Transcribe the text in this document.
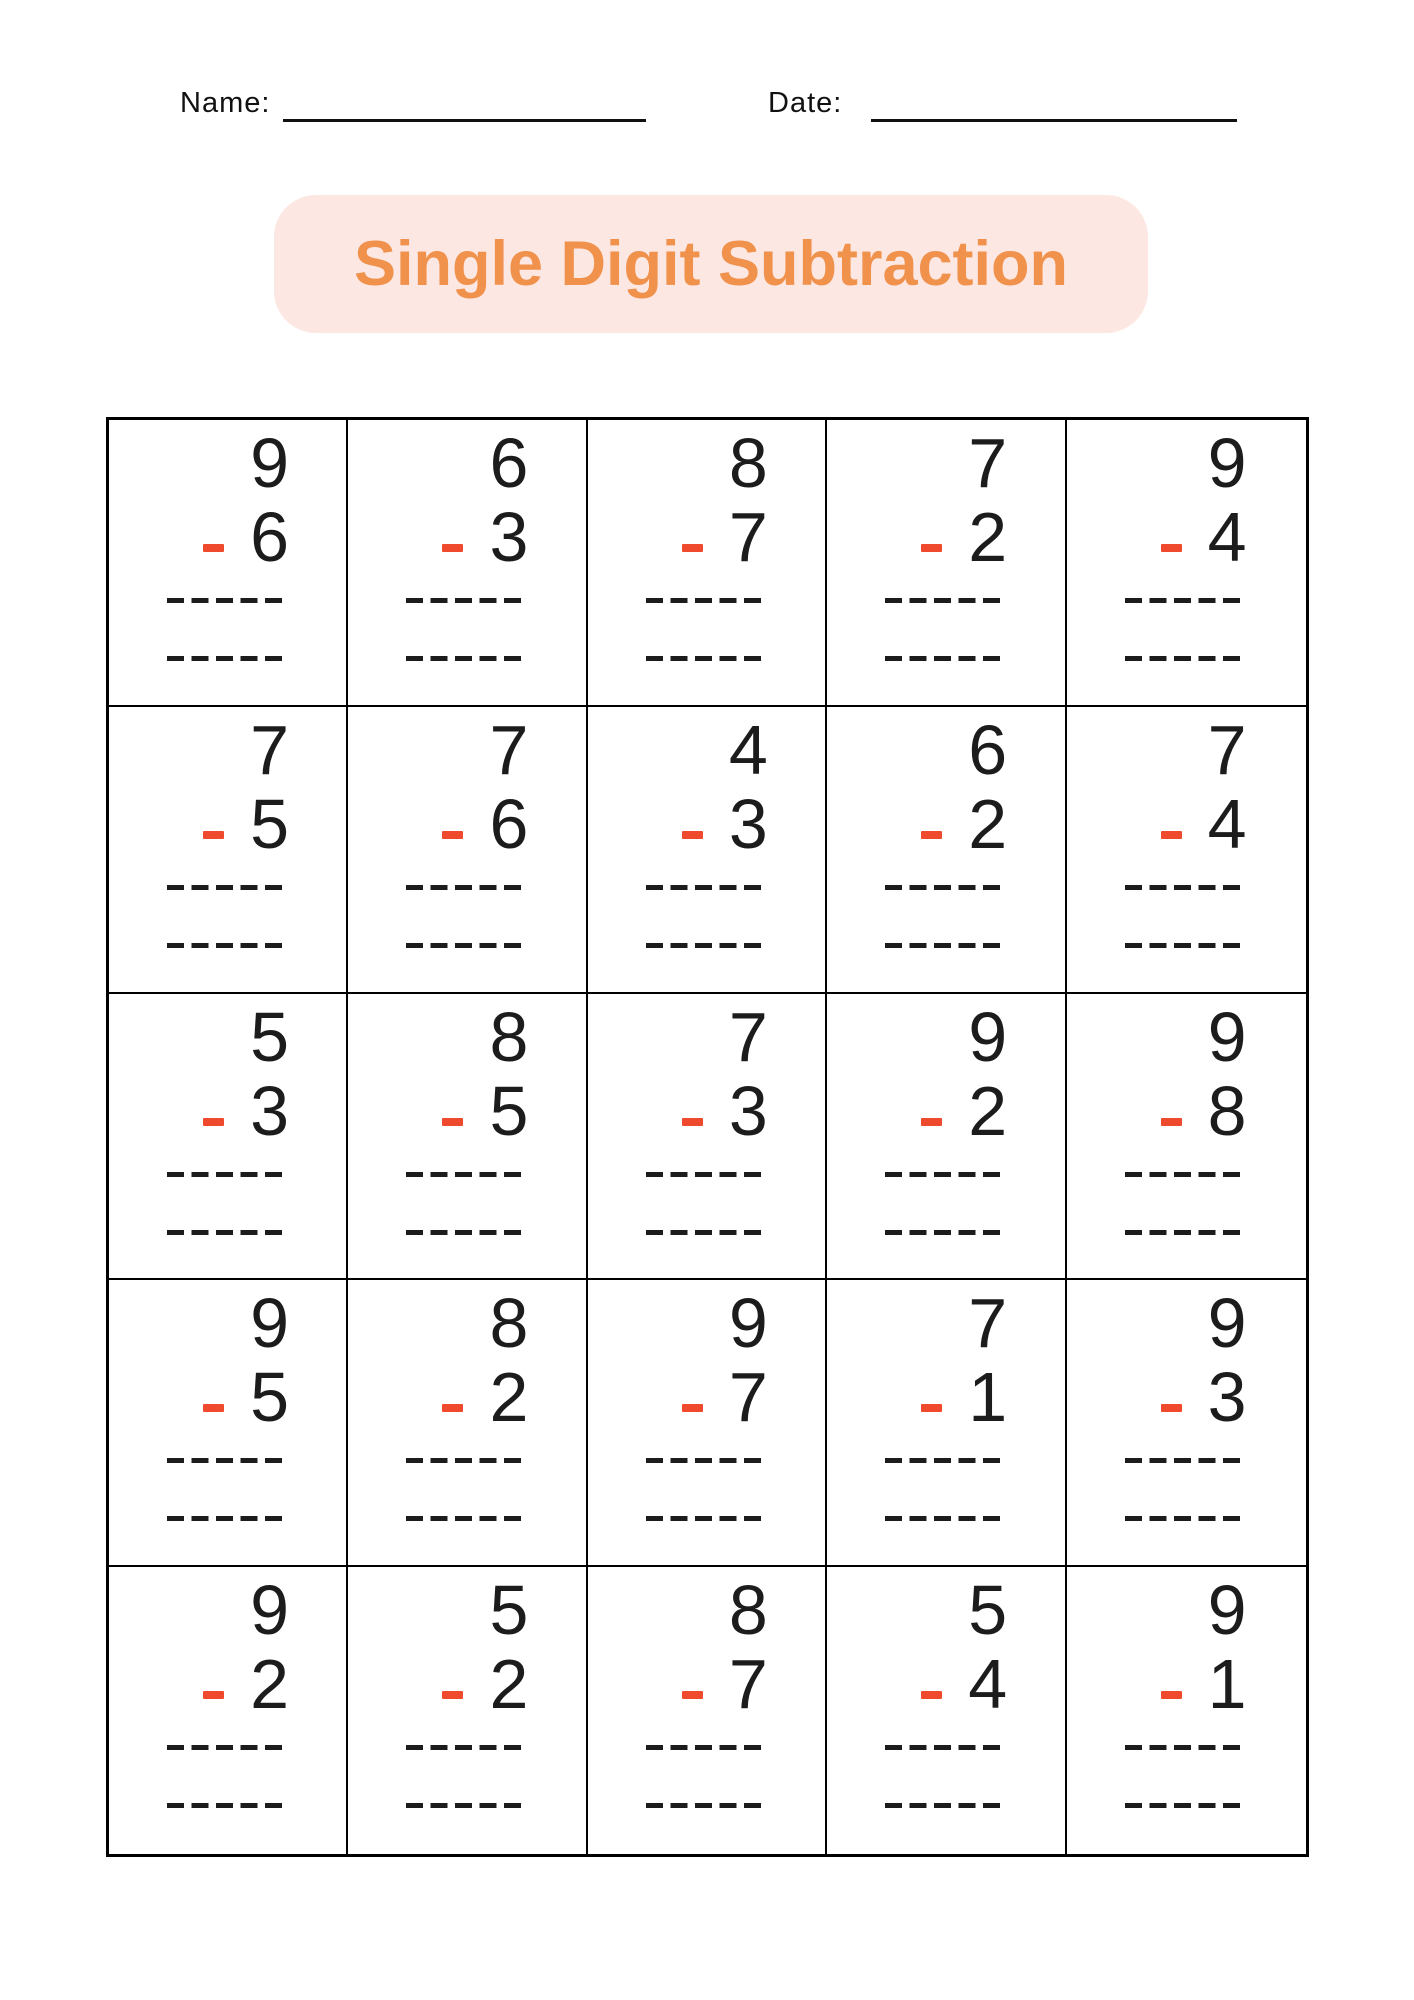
Name:	Date:
Single Digit Subtraction
9
6
6
3
8
7
7
2
9
4
7
5
7
6
4
3
6
2
7
4
5
3
8
5
7
3
9
2
9
8
9
5
8
2
9
7
7
1
9
3
9
2
5
2
8
7
5
4
9
1
